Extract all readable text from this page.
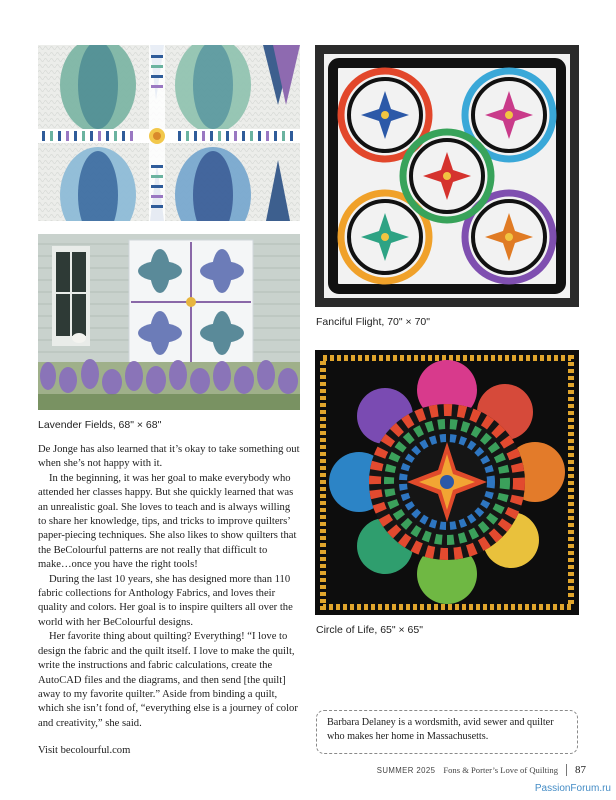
Lavender Fields, 68" × 68"
Fanciful Flight, 70" × 70"
Circle of Life, 65" × 65"

De Jonge has also learned that it’s okay to take something out when she’s not happy with it.

In the beginning, it was her goal to make everybody who attended her classes happy. But she quickly learned that was an unrealistic goal. She loves to teach and is always willing to share her knowledge, tips, and tricks to improve quilters’ paper-piecing techniques. She also likes to show quilters that the BeColourful patterns are not really that difficult to make…once you have the right tools!

During the last 10 years, she has designed more than 110 fabric collections for Anthology Fabrics, and loves their quality and colors. Her goal is to inspire quilters all over the world with her BeColourful designs.

Her favorite thing about quilting? Everything! “I love to design the fabric and the quilt itself. I love to make the quilt, write the instructions and fabric calculations, create the AutoCAD files and the diagrams, and then send [the quilt] away to my favorite quilter.” Aside from binding a quilt, which she isn’t fond of, “everything else is a journey of color and creativity,” she said.

Visit becolourful.com

Barbara Delaney is a wordsmith, avid sewer and quilter who makes her home in Massachusetts.
SUMMER 2025 Fons & Porter’s Love of Quilting 87
PassionForum.ru
